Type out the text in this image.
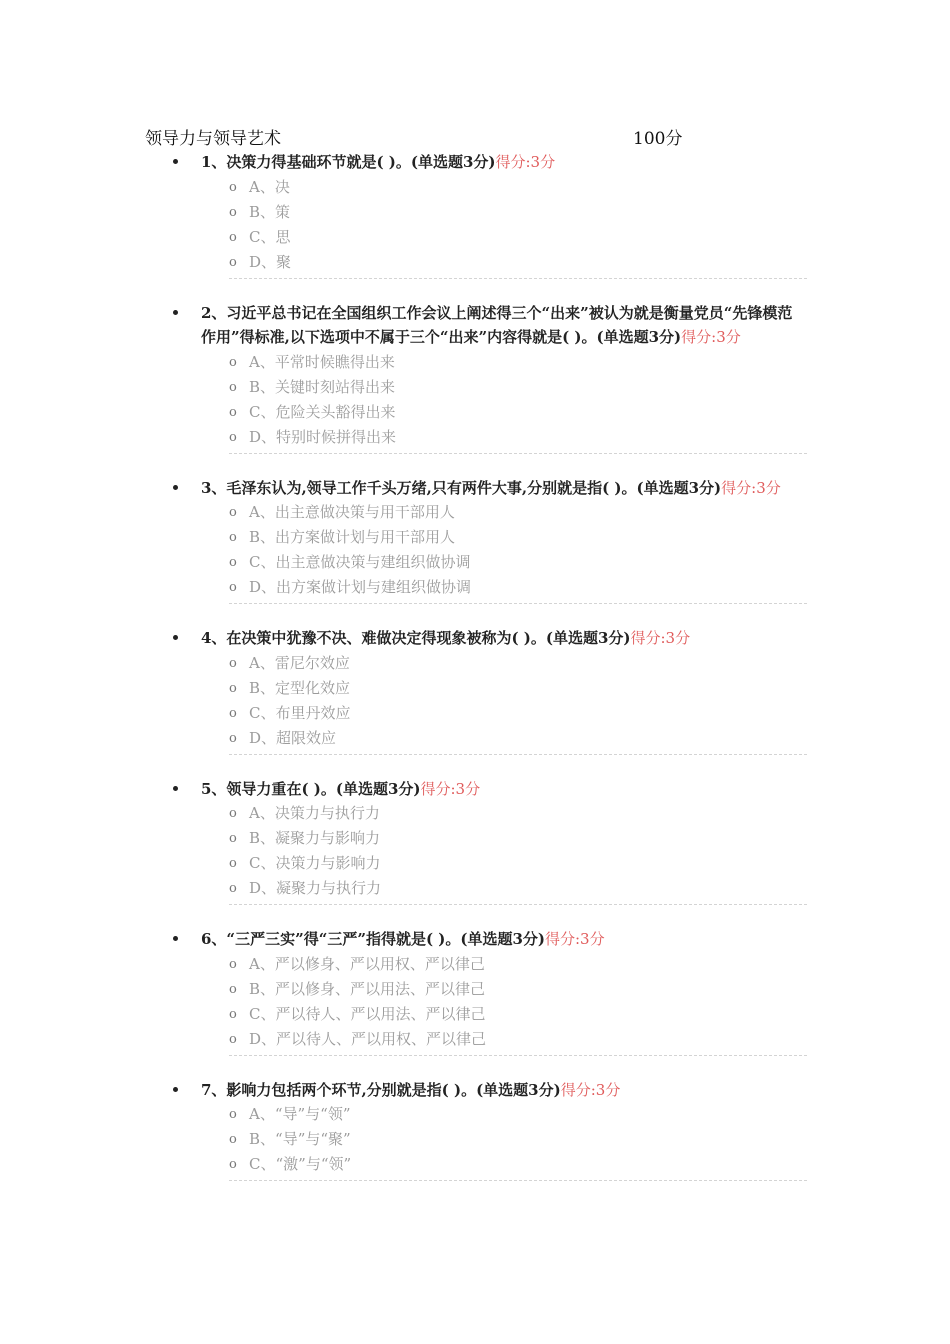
领导力与领导艺术	100分
1、决策力得基础环节就是( )。(单选题3分)得分:3分
o A、决
o B、策
o C、思
o D、聚
2、习近平总书记在全国组织工作会议上阐述得三个“出来”被认为就是衡量党员“先锋模范作用”得标准,以下选项中不属于三个“出来”内容得就是( )。(单选题3分)得分:3分
o A、平常时候瞧得出来
o B、关键时刻站得出来
o C、危险关头豁得出来
o D、特别时候拼得出来
3、毛泽东认为,领导工作千头万绪,只有两件大事,分别就是指( )。(单选题3分)得分:3分
o A、出主意做决策与用干部用人
o B、出方案做计划与用干部用人
o C、出主意做决策与建组织做协调
o D、出方案做计划与建组织做协调
4、在决策中犹豫不决、难做决定得现象被称为( )。(单选题3分)得分:3分
o A、雷尼尔效应
o B、定型化效应
o C、布里丹效应
o D、超限效应
5、领导力重在( )。(单选题3分)得分:3分
o A、决策力与执行力
o B、凝聚力与影响力
o C、决策力与影响力
o D、凝聚力与执行力
6、“三严三实”得“三严”指得就是( )。(单选题3分)得分:3分
o A、严以修身、严以用权、严以律己
o B、严以修身、严以用法、严以律己
o C、严以待人、严以用法、严以律己
o D、严以待人、严以用权、严以律己
7、影响力包括两个环节,分别就是指( )。(单选题3分)得分:3分
o A、“导”与“领”
o B、“导”与“聚”
o C、“激”与“领”
